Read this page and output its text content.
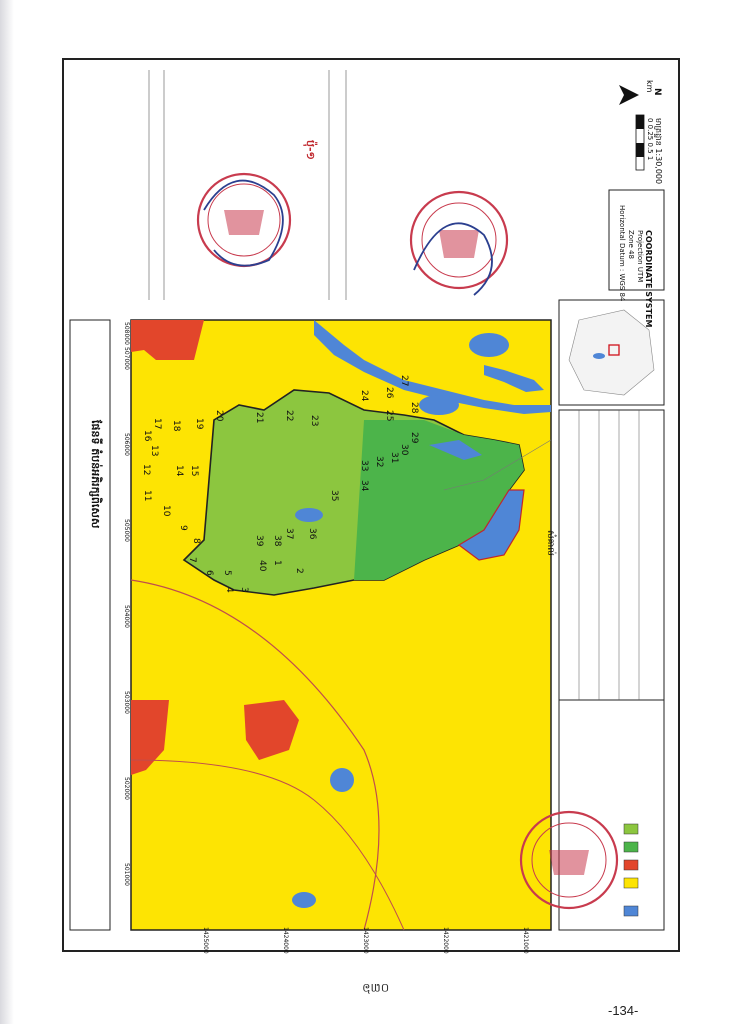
ផែនទី តំបន់អភិរក្សពិសេស
COORDINATE SYSTEM
Projection UTM
Zone 48
Horizontal Datum : WGS 84
មាត្រដ្ឋាន 1:30,000
0 0.25 0.5 1
km
N
សំគាល់
ប៉ុ-១
1
2
3
4
5
6
7
8
9
10
11
12
13
14 15
16
17 18 19
20	21 22 23
24
25
26
27
28
29
30
31
32
33
34
35
36
37
38
39
40
501000
502000
503000
504000
505000
506000
507000
508000
1425000	1424000	1423000	1422000	1421000
០៣៦
-134-
